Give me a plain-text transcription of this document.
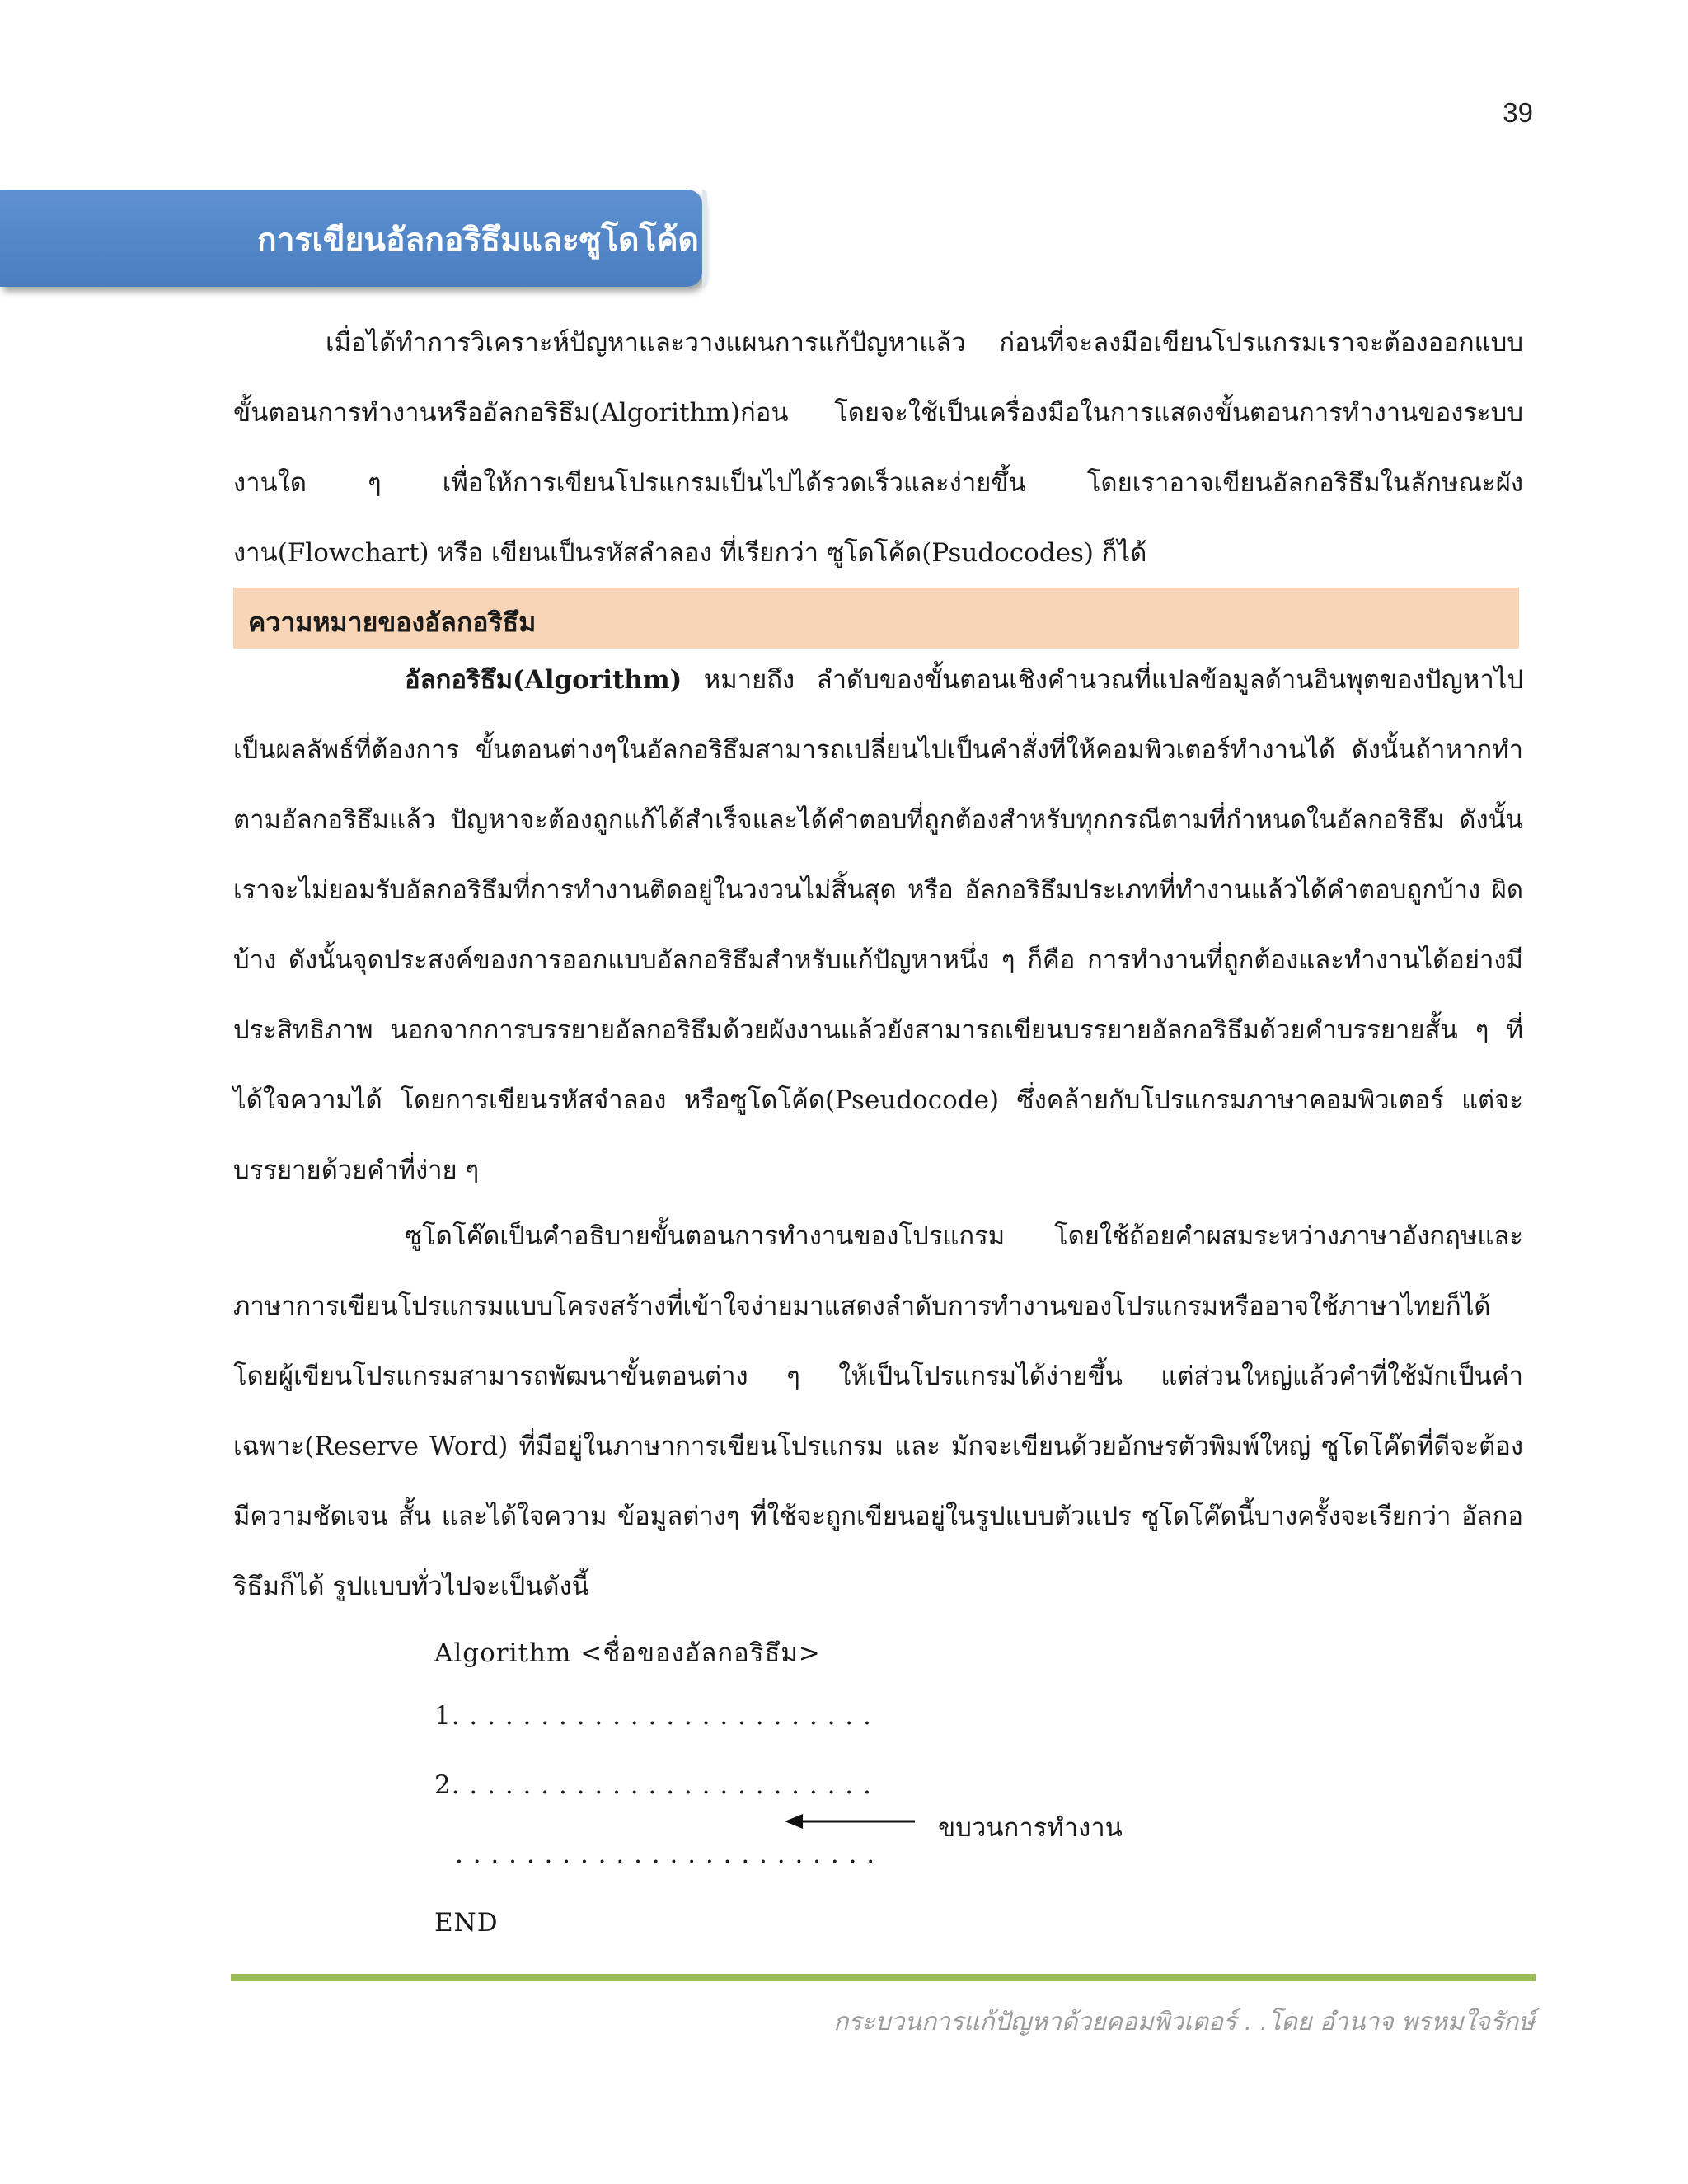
39
การเขียนอัลกอริธึมและซูโดโค้ด

เมื่อได้ทำการวิเคราะห์ปัญหาและวางแผนการแก้ปัญหาแล้ว ก่อนที่จะลงมือเขียนโปรแกรมเราจะต้องออกแบบขั้นตอนการทำงานหรืออัลกอริธึม(Algorithm)ก่อน โดยจะใช้เป็นเครื่องมือในการแสดงขั้นตอนการทำงานของระบบงานใด ๆ เพื่อให้การเขียนโปรแกรมเป็นไปได้รวดเร็วและง่ายขึ้น โดยเราอาจเขียนอัลกอริธึมในลักษณะผังงาน(Flowchart) หรือ เขียนเป็นรหัสลำลอง ที่เรียกว่า ซูโดโค้ด(Psudocodes) ก็ได้

ความหมายของอัลกอริธึม

อัลกอริธึม(Algorithm) หมายถึง ลำดับของขั้นตอนเชิงคำนวณที่แปลข้อมูลด้านอินพุตของปัญหาไปเป็นผลลัพธ์ที่ต้องการ ขั้นตอนต่างๆในอัลกอริธึมสามารถเปลี่ยนไปเป็นคำสั่งที่ให้คอมพิวเตอร์ทำงานได้ ดังนั้นถ้าหากทำตามอัลกอริธึมแล้ว ปัญหาจะต้องถูกแก้ได้สำเร็จและได้คำตอบที่ถูกต้องสำหรับทุกกรณีตามที่กำหนดในอัลกอริธึม ดังนั้นเราจะไม่ยอมรับอัลกอริธึมที่การทำงานติดอยู่ในวงวนไม่สิ้นสุด หรือ อัลกอริธึมประเภทที่ทำงานแล้วได้คำตอบถูกบ้าง ผิดบ้าง ดังนั้นจุดประสงค์ของการออกแบบอัลกอริธึมสำหรับแก้ปัญหาหนึ่ง ๆ ก็คือ การทำงานที่ถูกต้องและทำงานได้อย่างมีประสิทธิภาพ นอกจากการบรรยายอัลกอริธึมด้วยผังงานแล้วยังสามารถเขียนบรรยายอัลกอริธึมด้วยคำบรรยายสั้น ๆ ที่ได้ใจความได้ โดยการเขียนรหัสจำลอง หรือซูโดโค้ด(Pseudocode) ซึ่งคล้ายกับโปรแกรมภาษาคอมพิวเตอร์ แต่จะบรรยายด้วยคำที่ง่าย ๆ

ซูโดโค๊ดเป็นคำอธิบายขั้นตอนการทำงานของโปรแกรม โดยใช้ถ้อยคำผสมระหว่างภาษาอังกฤษและภาษาการเขียนโปรแกรมแบบโครงสร้างที่เข้าใจง่ายมาแสดงลำดับการทำงานของโปรแกรมหรืออาจใช้ภาษาไทยก็ได้ โดยผู้เขียนโปรแกรมสามารถพัฒนาขั้นตอนต่าง ๆ ให้เป็นโปรแกรมได้ง่ายขึ้น แต่ส่วนใหญ่แล้วคำที่ใช้มักเป็นคำเฉพาะ(Reserve Word) ที่มีอยู่ในภาษาการเขียนโปรแกรม และ มักจะเขียนด้วยอักษรตัวพิมพ์ใหญ่ ซูโดโค๊ดที่ดีจะต้องมีความชัดเจน สั้น และได้ใจความ ข้อมูลต่างๆ ที่ใช้จะถูกเขียนอยู่ในรูปแบบตัวแปร ซูโดโค๊ดนี้บางครั้งจะเรียกว่า อัลกอริธึมก็ได้ รูปแบบทั่วไปจะเป็นดังนี้

Algorithm <ชื่อของอัลกอริธึม>
1. . . . . . . . . . . . . . . . . . . . . . . .
2. . . . . . . . . . . . . . . . . . . . . . . .
. . . . . . . . . . . . . . . . . . . . . . . .
END
ขบวนการทำงาน
กระบวนการแก้ปัญหาด้วยคอมพิวเตอร์ . .โดย อำนาจ พรหมใจรักษ์
